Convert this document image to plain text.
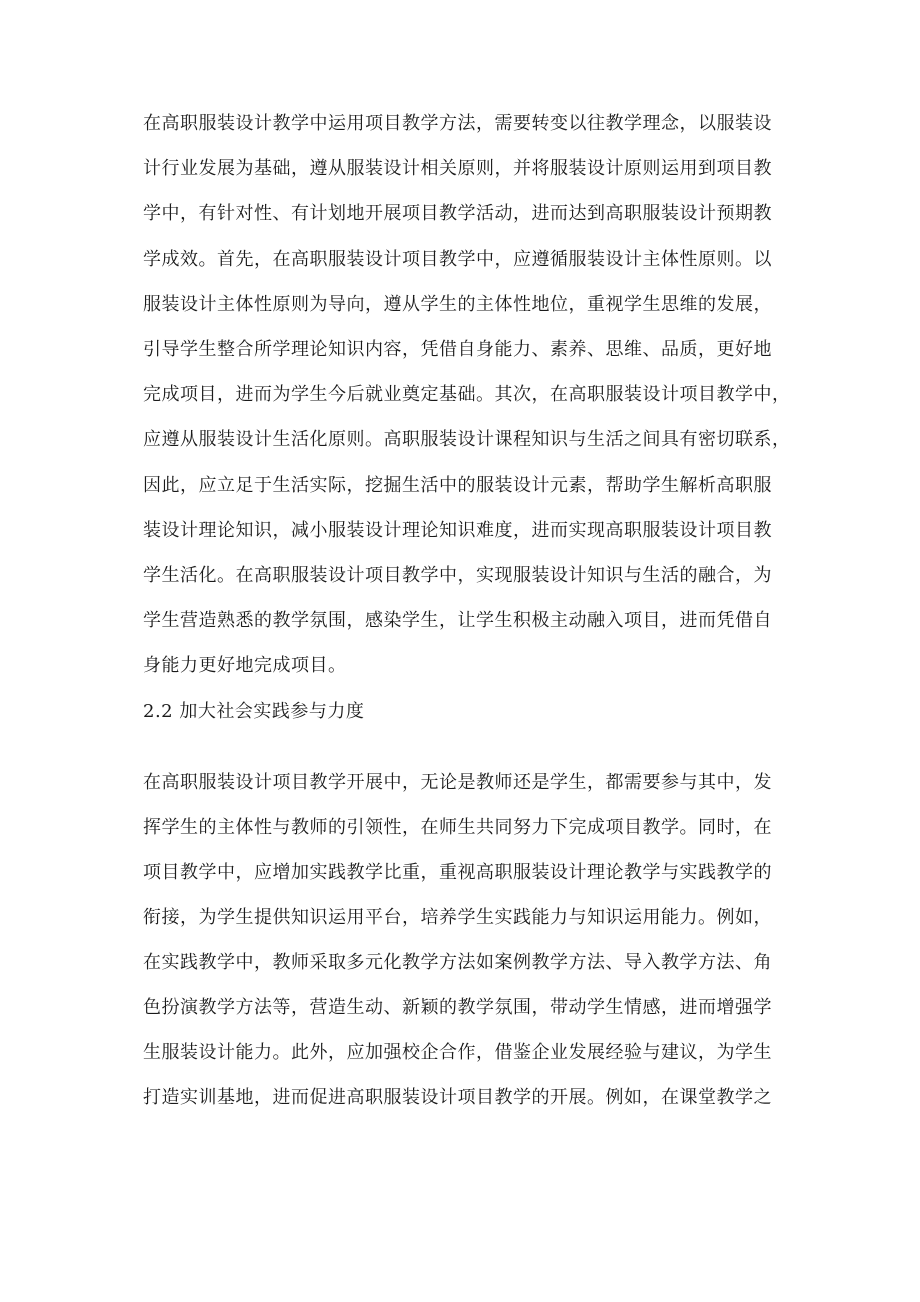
在高职服装设计教学中运用项目教学方法，需要转变以往教学理念，以服装设
计行业发展为基础，遵从服装设计相关原则，并将服装设计原则运用到项目教
学中，有针对性、有计划地开展项目教学活动，进而达到高职服装设计预期教
学成效。首先，在高职服装设计项目教学中，应遵循服装设计主体性原则。以
服装设计主体性原则为导向，遵从学生的主体性地位，重视学生思维的发展，
引导学生整合所学理论知识内容，凭借自身能力、素养、思维、品质，更好地
完成项目，进而为学生今后就业奠定基础。其次，在高职服装设计项目教学中，
应遵从服装设计生活化原则。高职服装设计课程知识与生活之间具有密切联系，
因此，应立足于生活实际，挖掘生活中的服装设计元素，帮助学生解析高职服
装设计理论知识，减小服装设计理论知识难度，进而实现高职服装设计项目教
学生活化。在高职服装设计项目教学中，实现服装设计知识与生活的融合，为
学生营造熟悉的教学氛围，感染学生，让学生积极主动融入项目，进而凭借自
身能力更好地完成项目。
2.2 加大社会实践参与力度
在高职服装设计项目教学开展中，无论是教师还是学生，都需要参与其中，发
挥学生的主体性与教师的引领性，在师生共同努力下完成项目教学。同时，在
项目教学中，应增加实践教学比重，重视高职服装设计理论教学与实践教学的
衔接，为学生提供知识运用平台，培养学生实践能力与知识运用能力。例如，
在实践教学中，教师采取多元化教学方法如案例教学方法、导入教学方法、角
色扮演教学方法等，营造生动、新颖的教学氛围，带动学生情感，进而增强学
生服装设计能力。此外，应加强校企合作，借鉴企业发展经验与建议，为学生
打造实训基地，进而促进高职服装设计项目教学的开展。例如，在课堂教学之
